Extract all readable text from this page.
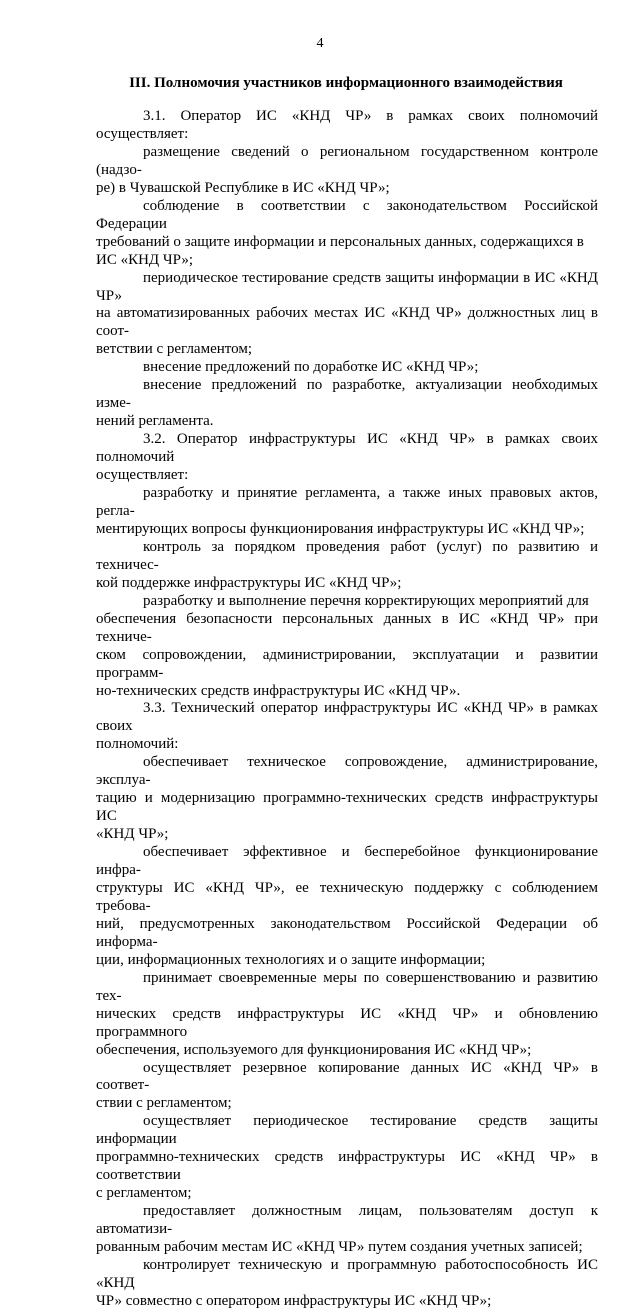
4
III. Полномочия участников информационного взаимодействия

3.1. Оператор ИС «КНД ЧР» в рамках своих полномочий осуществляет:

размещение сведений о региональном государственном контроле (надзо-
ре) в Чувашской Республике в ИС «КНД ЧР»;

соблюдение в соответствии с законодательством Российской Федерации
требований о защите информации и персональных данных, содержащихся в
ИС «КНД ЧР»;

периодическое тестирование средств защиты информации в ИС «КНД ЧР»
на автоматизированных рабочих местах ИС «КНД ЧР» должностных лиц в соот-
ветствии с регламентом;

внесение предложений по доработке ИС «КНД ЧР»;

внесение предложений по разработке, актуализации необходимых изме-
нений регламента.

3.2. Оператор инфраструктуры ИС «КНД ЧР» в рамках своих полномочий
осуществляет:

разработку и принятие регламента, а также иных правовых актов, регла-
ментирующих вопросы функционирования инфраструктуры ИС «КНД ЧР»;

контроль за порядком проведения работ (услуг) по развитию и техничес-
кой поддержке инфраструктуры ИС «КНД ЧР»;

разработку и выполнение перечня корректирующих мероприятий для
обеспечения безопасности персональных данных в ИС «КНД ЧР» при техниче-
ском сопровождении, администрировании, эксплуатации и развитии программ-
но-технических средств инфраструктуры ИС «КНД ЧР».

3.3. Технический оператор инфраструктуры ИС «КНД ЧР» в рамках своих
полномочий:

обеспечивает техническое сопровождение, администрирование, эксплуа-
тацию и модернизацию программно-технических средств инфраструктуры ИС
«КНД ЧР»;

обеспечивает эффективное и бесперебойное функционирование инфра-
структуры ИС «КНД ЧР», ее техническую поддержку с соблюдением требова-
ний, предусмотренных законодательством Российской Федерации об информа-
ции, информационных технологиях и о защите информации;

принимает своевременные меры по совершенствованию и развитию тех-
нических средств инфраструктуры ИС «КНД ЧР» и обновлению программного
обеспечения, используемого для функционирования ИС «КНД ЧР»;

осуществляет резервное копирование данных ИС «КНД ЧР» в соответ-
ствии с регламентом;

осуществляет периодическое тестирование средств защиты информации
программно-технических средств инфраструктуры ИС «КНД ЧР» в соответствии
с регламентом;

предоставляет должностным лицам, пользователям доступ к автоматизи-
рованным рабочим местам ИС «КНД ЧР» путем создания учетных записей;

контролирует техническую и программную работоспособность ИС «КНД
ЧР» совместно с оператором инфраструктуры ИС «КНД ЧР»;
